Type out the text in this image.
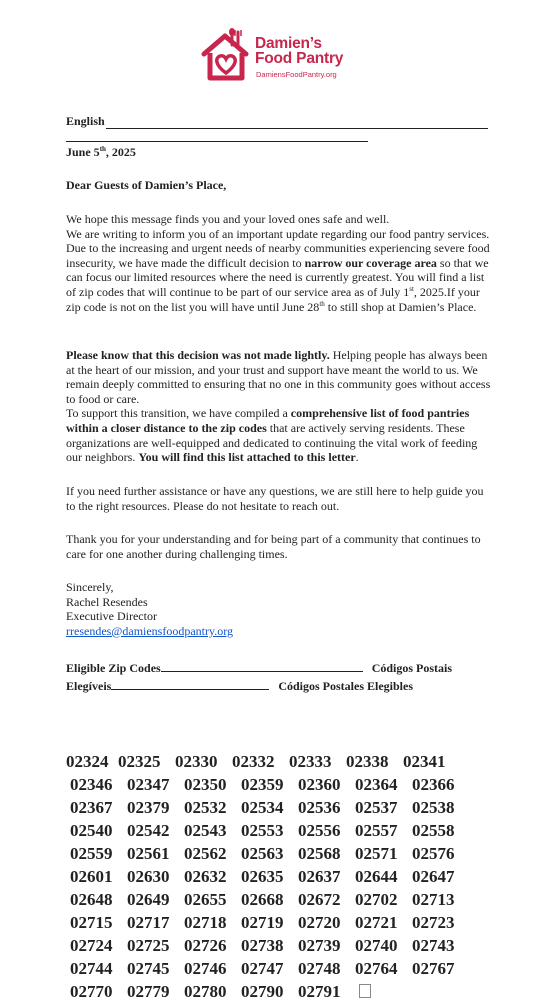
Damien’s
Food Pantry
DamiensFoodPantry.org
English
June 5th, 2025
Dear Guests of Damien’s Place,
We hope this message finds you and your loved ones safe and well.
We are writing to inform you of an important update regarding our food pantry services. Due to the increasing and urgent needs of nearby communities experiencing severe food insecurity, we have made the difficult decision to narrow our coverage area so that we can focus our limited resources where the need is currently greatest. You will find a list of zip codes that will continue to be part of our service area as of July 1st, 2025.If your zip code is not on the list you will have until June 28th to still shop at Damien’s Place.
Please know that this decision was not made lightly. Helping people has always been at the heart of our mission, and your trust and support have meant the world to us. We remain deeply committed to ensuring that no one in this community goes without access to food or care.
To support this transition, we have compiled a comprehensive list of food pantries within a closer distance to the zip codes that are actively serving residents. These organizations are well-equipped and dedicated to continuing the vital work of feeding our neighbors. You will find this list attached to this letter.
If you need further assistance or have any questions, we are still here to help guide you to the right resources. Please do not hesitate to reach out.
Thank you for your understanding and for being part of a community that continues to care for one another during challenging times.
Sincerely,
Rachel Resendes
Executive Director
rresendes@damiensfoodpantry.org
Eligible Zip Codes	Códigos Postais
Elegíveis	Códigos Postales Elegibles
02324 02325 02330 02332 02333 02338 02341
02346 02347 02350 02359 02360 02364 02366
02367 02379 02532 02534 02536 02537 02538
02540 02542 02543 02553 02556 02557 02558
02559 02561 02562 02563 02568 02571 02576
02601 02630 02632 02635 02637 02644 02647
02648 02649 02655 02668 02672 02702 02713
02715 02717 02718 02719 02720 02721 02723
02724 02725 02726 02738 02739 02740 02743
02744 02745 02746 02747 02748 02764 02767
02770 02779 02780 02790 02791
